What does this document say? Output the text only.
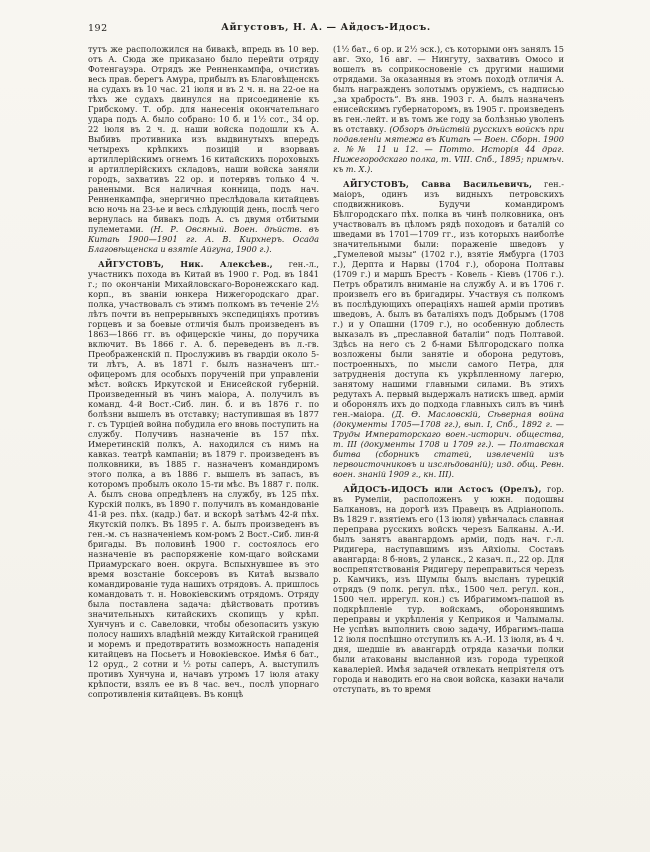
192	Айгустовъ, Н. А. — Айдосъ-Идосъ.

тутъ же расположился на бивакѣ, впредь въ 10 вер. отъ А. Сюда же приказано было перейти отряду Фотенгауэра. Отрядъ же Ренненкампфа, очистивъ весь прав. берегъ Амура, прибылъ въ Благовѣщенскъ на судахъ въ 10 час. 21 іюля и въ 2 ч. н. на 22-ое на тѣхъ же судахъ двинулся на присоединеніе къ Грибскому. Т. обр. для нанесенія окончательнаго удара подъ А. было собрано: 10 б. и 1½ сот., 34 ор. 22 іюля въ 2 ч. д. наши войска подошли къ А. Выбивъ противника изъ выдвинутыхъ впередъ четырехъ крѣпкихъ позицій и взорвавъ артиллерійскимъ огнемъ 16 китайскихъ пороховыхъ и артиллерійскихъ складовъ, наши войска заняли городъ, захвативъ 22 ор. и потерявъ только 4 ч. ранеными. Вся наличная конница, подъ нач. Ренненкампфа, энергично преслѣдовала китайцевъ всю ночь на 23-ье и весь слѣдующій день, послѣ чего вернулась на бивакъ подъ А. съ двумя отбитыми пулеметами. (Н. Р. Овсяный. Воен. дѣйств. въ Китаѣ 1900—1901 гг. А. В. Кирхнеръ. Осада Благовѣщенска и взятіе Айгуна, 1900 г.).

АЙГУСТОВЪ, Ник. Алексѣев., ген.-л., участникъ похода въ Китай въ 1900 г. Род. въ 1841 г.; по окончаніи Михайловскаго-Воронежскаго кад. корп., въ званіи юнкера Нижегородскаго драг. полка, участвовалъ съ этимъ полкомъ въ теченіе 2½ лѣтъ почти въ непрерывныхъ экспедиціяхъ противъ горцевъ и за боевые отличія былъ произведенъ въ 1863—1866 гг. въ офицерскіе чины, до поручика включит. Въ 1866 г. А. б. переведенъ въ л.-гв. Преображенскій п. Прослуживъ въ гвардіи около 5-ти лѣтъ, А. въ 1871 г. былъ назначенъ шт.-офицеромъ для особыхъ порученій при управленіи мѣст. войскъ Иркутской и Енисейской губерній. Произведенный въ чинъ маіора, А. получилъ въ команд. 4-й Вост.-Сиб. лин. б. и въ 1876 г. по болѣзни вышелъ въ отставку; наступившая въ 1877 г. съ Турціей война побудила его вновь поступить на службу. Получивъ назначеніе въ 157 пѣх. Имеретинскій полкъ, А. находился съ нимъ на кавказ. театрѣ кампаніи; въ 1879 г. произведенъ въ полковники, въ 1885 г. назначенъ командиромъ этого полка, а въ 1886 г. вышелъ въ запасъ, въ которомъ пробылъ около 15-ти мѣс. Въ 1887 г. полк. А. былъ снова опредѣленъ на службу, въ 125 пѣх. Курскій полкъ, въ 1890 г. получилъ въ командованіе 41-й рез. пѣх. (кадр.) бат. и вскорѣ затѣмъ 42-й пѣх. Якутскій полкъ. Въ 1895 г. А. былъ произведенъ въ ген.-м. съ назначеніемъ ком-ромъ 2 Вост.-Сиб. лин-й бригады. Въ половинѣ 1900 г. состоялось его назначеніе въ распоряженіе ком-щаго войсками Приамурскаго воен. округа. Вспыхнувшее въ это время возстаніе боксеровъ въ Китаѣ вызвало командированіе туда нашихъ отрядовъ. А. пришлось командовать т. н. Новокіевскимъ отрядомъ. Отряду была поставлена задача: дѣйствовать противъ значительныхъ китайскихъ скопищъ у крѣп. Хунчунъ и с. Савеловки, чтобы обезопасить узкую полосу нашихъ владѣній между Китайской границей и моремъ и предотвратить возможность нападенія китайцевъ на Посьетъ и Новокіевское. Имѣя 6 бат., 12 оруд., 2 сотни и ½ роты саперъ, А. выступилъ противъ Хунчуна и, начавъ утромъ 17 іюля атаку крѣпости, взялъ ее въ 8 час. веч., послѣ упорнаго сопротивленія китайцевъ. Въ концѣ

(1½ бат., 6 ор. и 2½ эск.), съ которыми онъ занялъ 15 авг. Эхо, 16 авг. — Нингуту, захвативъ Омосо и вошелъ въ соприкосновеніе съ другими нашими отрядами. За оказанныя въ этомъ походѣ отличія А. былъ награжденъ золотымъ оружіемъ, съ надписью „за храбрость“. Въ янв. 1903 г. А. былъ назначенъ енисейскимъ губернаторомъ, въ 1905 г. произведенъ въ ген.-лейт. и въ томъ же году за болѣзнью уволенъ въ отставку. (Обзоръ дѣйствій русскихъ войскъ при подавленіи мятежа въ Китаѣ — Воен. Сборн. 1900 г. №№ 11 и 12. — Потто. Исторія 44 драг. Нижегородскаго полка, т. VIII. Спб., 1895; примѣч. къ т. X.).

АЙГУСТОВЪ, Савва Васильевичъ, ген.-маіоръ, одинъ изъ видныхъ петровскихъ сподвижниковъ. Будучи командиромъ Бѣлгородскаго пѣх. полка въ чинѣ полковника, онъ участвовалъ въ цѣломъ рядѣ походовъ и баталій со шведами въ 1701—1709 гг., изъ которыхъ наиболѣе значительными были: пораженіе шведовъ у „Гумелевой мызы“ (1702 г.), взятіе Ямбурга (1703 г.), Дерпта и Нарвы (1704 г.), оборона Полтавы (1709 г.) и маршъ Брестъ - Ковель - Кіевъ (1706 г.). Петръ обратилъ вниманіе на службу А. и въ 1706 г. произвелъ его въ бригадиры. Участвуя съ полкомъ въ послѣдующихъ операціяхъ нашей арміи противъ шведовъ, А. былъ въ баталіяхъ подъ Добрымъ (1708 г.) и у Опашни (1709 г.), но особенную доблесть выказалъ въ „преславной баталіи“ подъ Полтавой. Здѣсь на него съ 2 б-нами Бѣлгородскаго полка возложены были занятіе и оборона редутовъ, построенныхъ, по мысли самого Петра, для затрудненія доступа къ укрѣпленному лагерю, занятому нашими главными силами. Въ этихъ редутахъ А. первый выдержалъ натискъ швед. арміи и оборонялъ ихъ до подхода главныхъ силъ въ чинѣ ген.-маіора. (Д. Ѳ. Масловскій, Сѣверная война (документы 1705—1708 гг.), вып. I, Спб., 1892 г. — Труды Императорскаго воен.-историч. общества, т. III (документы 1708 и 1709 гг.). — Полтавская битва (сборникъ статей, извлеченій изъ первоисточниковъ и изслѣдованій); изд. общ. Ревн. воен. знаній 1909 г., кн. III).

АЙДОСЪ-ИДОСЪ или Астосъ (Орелъ), гор. въ Румеліи, расположенъ у южн. подошвы Балкановъ, на дорогѣ изъ Правецъ въ Адріанополь. Въ 1829 г. взятіемъ его (13 іюля) увѣнчалась славная переправа русскихъ войскъ черезъ Балканы. А.-И. былъ занятъ авангардомъ арміи, подъ нач. г.-л. Ридигера, наступавшимъ изъ Айхіолы. Составъ авангарда: 8 б-новъ, 2 уланск., 2 казач. п., 22 ор. Для воспрепятствованія Ридигеру переправиться черезъ р. Камчикъ, изъ Шумлы былъ высланъ турецкій отрядъ (9 полк. регул. пѣх., 1500 чел. регул. кон., 1500 чел. иррегул. кон.) съ Ибрагимомъ-пашой въ подкрѣпленіе тур. войскамъ, оборонявшимъ переправы и укрѣпленія у Кеприкоя и Чалымалы. Не успѣвъ выполнить свою задачу, Ибрагимъ-паша 12 іюля поспѣшно отступилъ къ А.-И. 13 іюля, въ 4 ч. дня, шедшіе въ авангардѣ отряда казачьи полки были атакованы высланной изъ города турецкой кавалеріей. Имѣя задачей отвлекать непріятеля отъ города и наводить его на свои войска, казаки начали отступать, въ то время
